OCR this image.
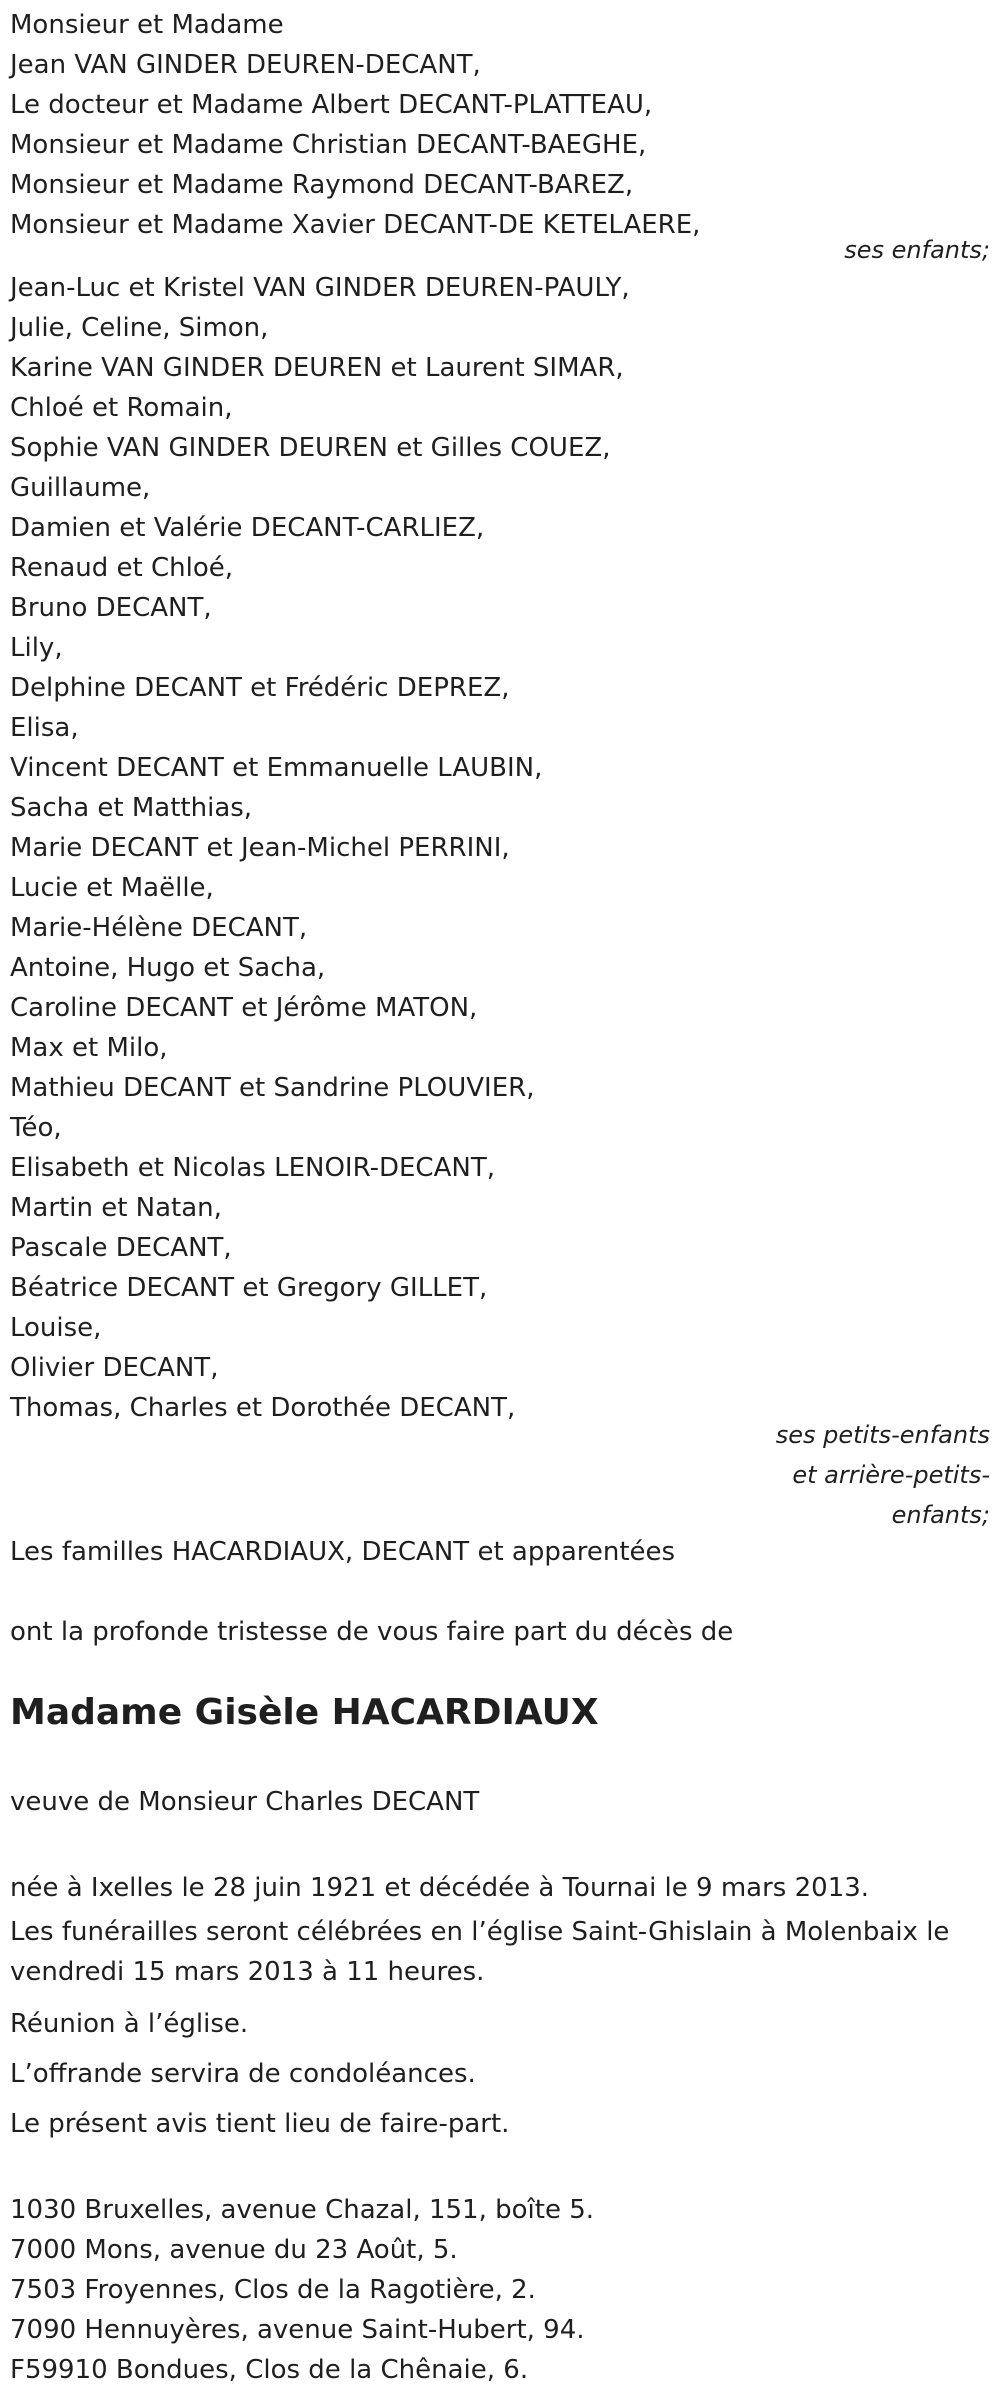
Monsieur et Madame
Jean VAN GINDER DEUREN-DECANT,
Le docteur et Madame Albert DECANT-PLATTEAU,
Monsieur et Madame Christian DECANT-BAEGHE,
Monsieur et Madame Raymond DECANT-BAREZ,
Monsieur et Madame Xavier DECANT-DE KETELAERE,
ses enfants;
Jean-Luc et Kristel VAN GINDER DEUREN-PAULY,
Julie, Celine, Simon,
Karine VAN GINDER DEUREN et Laurent SIMAR,
Chloé et Romain,
Sophie VAN GINDER DEUREN et Gilles COUEZ,
Guillaume,
Damien et Valérie DECANT-CARLIEZ,
Renaud et Chloé,
Bruno DECANT,
Lily,
Delphine DECANT et Frédéric DEPREZ,
Elisa,
Vincent DECANT et Emmanuelle LAUBIN,
Sacha et Matthias,
Marie DECANT et Jean-Michel PERRINI,
Lucie et Maëlle,
Marie-Hélène DECANT,
Antoine, Hugo et Sacha,
Caroline DECANT et Jérôme MATON,
Max et Milo,
Mathieu DECANT et Sandrine PLOUVIER,
Téo,
Elisabeth et Nicolas LENOIR-DECANT,
Martin et Natan,
Pascale DECANT,
Béatrice DECANT et Gregory GILLET,
Louise,
Olivier DECANT,
Thomas, Charles et Dorothée DECANT,
ses petits-enfants
et arrière-petits-
enfants;
Les familles HACARDIAUX, DECANT et apparentées
ont la profonde tristesse de vous faire part du décès de
Madame Gisèle HACARDIAUX
veuve de Monsieur Charles DECANT
née à Ixelles le 28 juin 1921 et décédée à Tournai le 9 mars 2013.
Les funérailles seront célébrées en l’église Saint-Ghislain à Molenbaix le vendredi 15 mars 2013 à 11 heures.
Réunion à l’église.
L’offrande servira de condoléances.
Le présent avis tient lieu de faire-part.
1030 Bruxelles, avenue Chazal, 151, boîte 5.
7000 Mons, avenue du 23 Août, 5.
7503 Froyennes, Clos de la Ragotière, 2.
7090 Hennuyères, avenue Saint-Hubert, 94.
F59910 Bondues, Clos de la Chênaie, 6.
